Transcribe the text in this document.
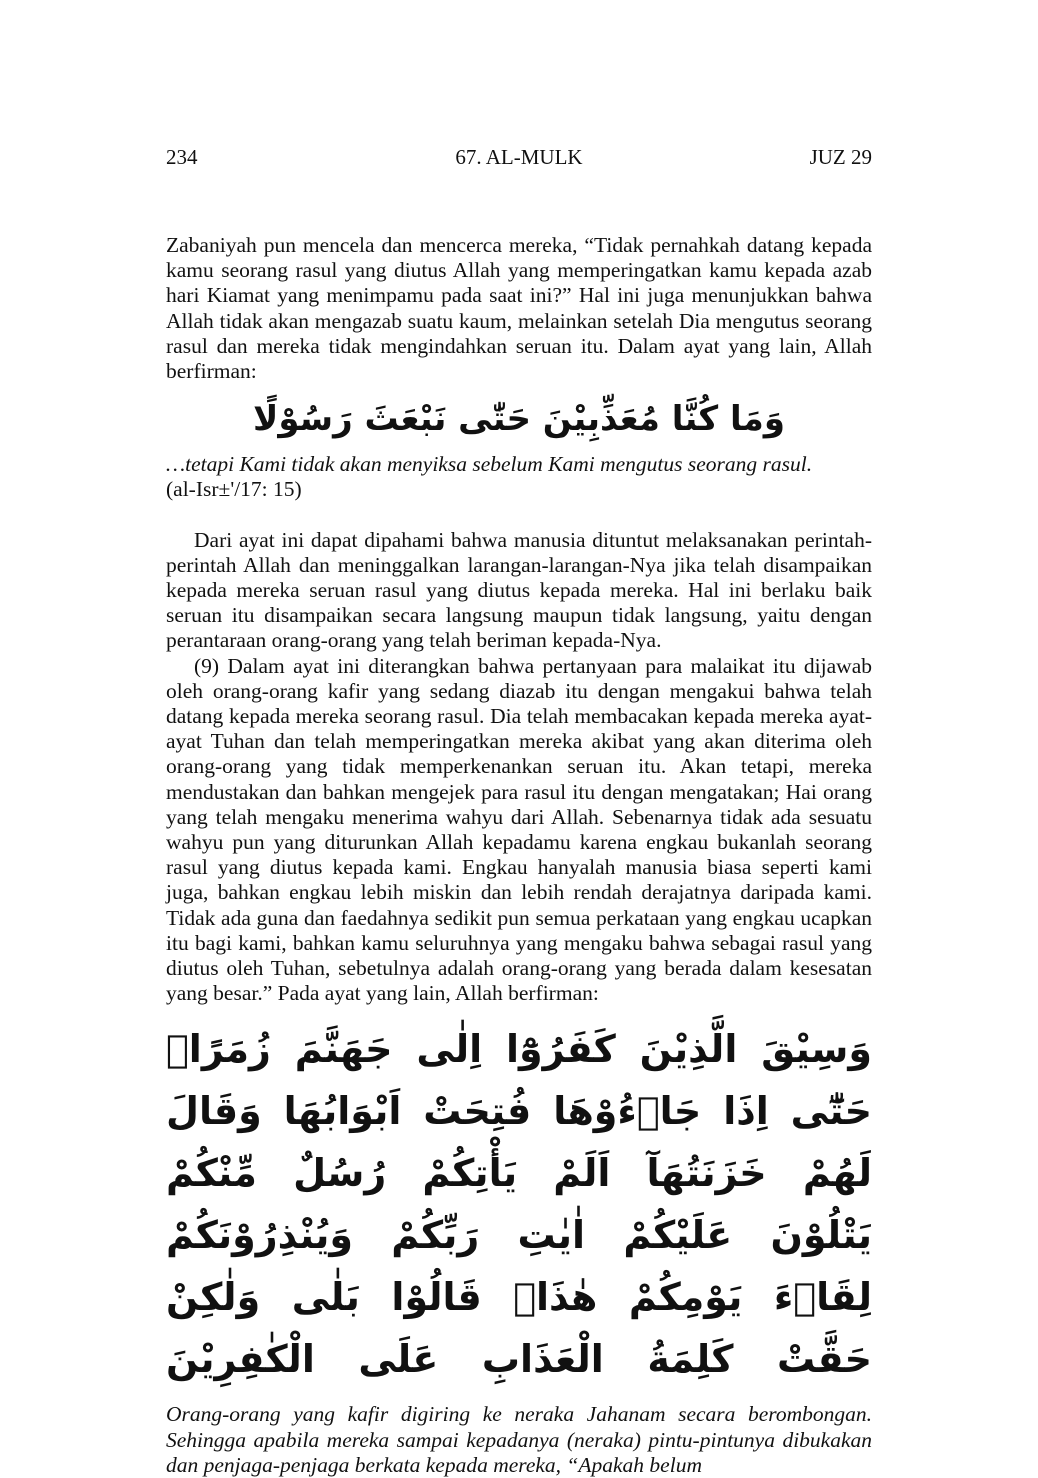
234	67. AL-MULK	JUZ 29

Zabaniyah pun mencela dan mencerca mereka, “Tidak pernahkah datang kepada kamu seorang rasul yang diutus Allah yang memperingatkan kamu kepada azab hari Kiamat yang menimpamu pada saat ini?” Hal ini juga menunjukkan bahwa Allah tidak akan mengazab suatu kaum, melainkan setelah Dia mengutus seorang rasul dan mereka tidak mengindahkan seruan itu. Dalam ayat yang lain, Allah berfirman:

وَمَا كُنَّا مُعَذِّبِيْنَ حَتّٰى نَبْعَثَ رَسُوْلًا

…tetapi Kami tidak akan menyiksa sebelum Kami mengutus seorang rasul.

(al-Isr±'/17: 15)

Dari ayat ini dapat dipahami bahwa manusia dituntut melaksanakan perintah-perintah Allah dan meninggalkan larangan-larangan-Nya jika telah disampaikan kepada mereka seruan rasul yang diutus kepada mereka. Hal ini berlaku baik seruan itu disampaikan secara langsung maupun tidak langsung, yaitu dengan perantaraan orang-orang yang telah beriman kepada-Nya.

(9) Dalam ayat ini diterangkan bahwa pertanyaan para malaikat itu dijawab oleh orang-orang kafir yang sedang diazab itu dengan mengakui bahwa telah datang kepada mereka seorang rasul. Dia telah membacakan kepada mereka ayat-ayat Tuhan dan telah memperingatkan mereka akibat yang akan diterima oleh orang-orang yang tidak memperkenankan seruan itu. Akan tetapi, mereka mendustakan dan bahkan mengejek para rasul itu dengan mengatakan; Hai orang yang telah mengaku menerima wahyu dari Allah. Sebenarnya tidak ada sesuatu wahyu pun yang diturunkan Allah kepadamu karena engkau bukanlah seorang rasul yang diutus kepada kami. Engkau hanyalah manusia biasa seperti kami juga, bahkan engkau lebih miskin dan lebih rendah derajatnya daripada kami. Tidak ada guna dan faedahnya sedikit pun semua perkataan yang engkau ucapkan itu bagi kami, bahkan kamu seluruhnya yang mengaku bahwa sebagai rasul yang diutus oleh Tuhan, sebetulnya adalah orang-orang yang berada dalam kesesatan yang besar.” Pada ayat yang lain, Allah berfirman:

وَسِيْقَ الَّذِيْنَ كَفَرُوْٓا اِلٰى جَهَنَّمَ زُمَرًاۗ حَتّٰٓى اِذَا جَاۤءُوْهَا فُتِحَتْ اَبْوَابُهَا وَقَالَ لَهُمْ خَزَنَتُهَآ اَلَمْ يَأْتِكُمْ رُسُلٌ مِّنْكُمْ يَتْلُوْنَ عَلَيْكُمْ اٰيٰتِ رَبِّكُمْ وَيُنْذِرُوْنَكُمْ لِقَاۤءَ يَوْمِكُمْ هٰذَاۗ قَالُوْا بَلٰى وَلٰكِنْ حَقَّتْ كَلِمَةُ الْعَذَابِ عَلَى الْكٰفِرِيْنَ

Orang-orang yang kafir digiring ke neraka Jahanam secara berombongan. Sehingga apabila mereka sampai kepadanya (neraka) pintu-pintunya dibukakan dan penjaga-penjaga berkata kepada mereka, “Apakah belum
